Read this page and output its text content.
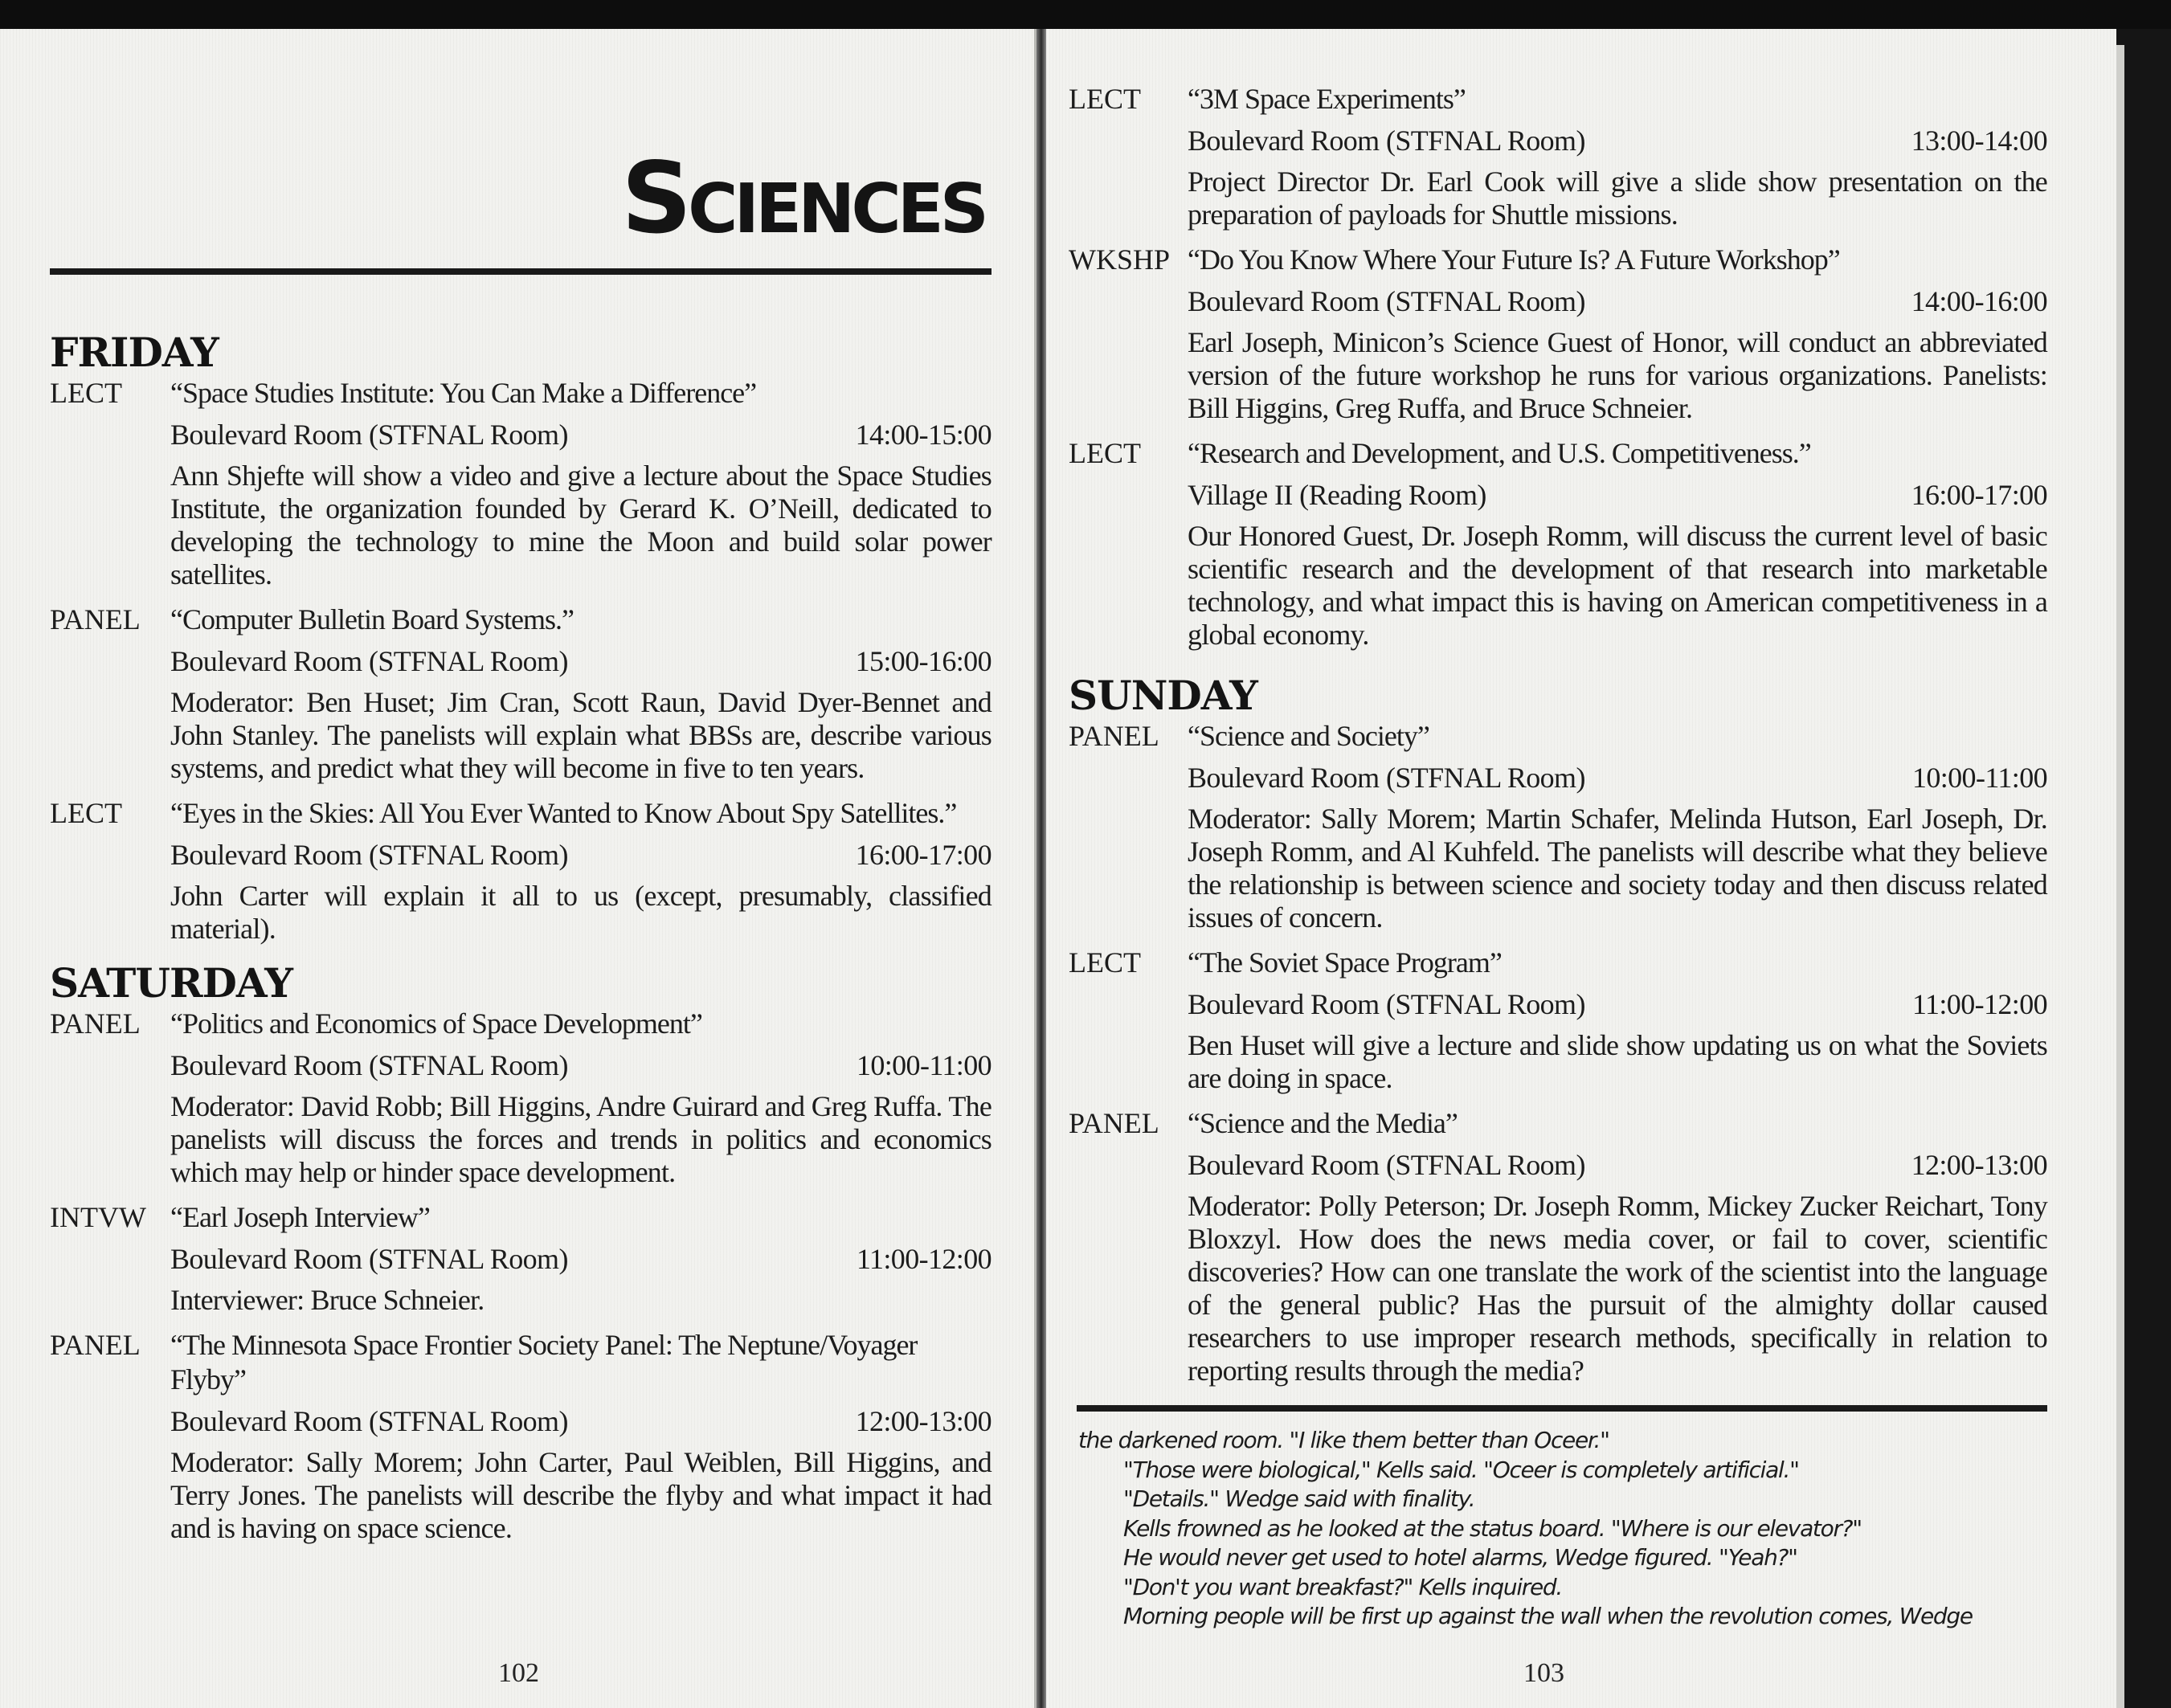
Sciences
FRIDAY
LECT	“Space Studies Institute: You Can Make a Difference”
Boulevard Room (STFNAL Room)	14:00-15:00
Ann Shjefte will show a video and give a lecture about the Space Studies Institute, the organization founded by Gerard K. O’Neill, dedicated to developing the technology to mine the Moon and build solar power satellites.
PANEL	“Computer Bulletin Board Systems.”
Boulevard Room (STFNAL Room)	15:00-16:00
Moderator: Ben Huset; Jim Cran, Scott Raun, David Dyer-Bennet and John Stanley. The panelists will explain what BBSs are, describe various systems, and predict what they will become in five to ten years.
LECT	“Eyes in the Skies: All You Ever Wanted to Know About Spy Satellites.”
Boulevard Room (STFNAL Room)	16:00-17:00
John Carter will explain it all to us (except, presumably, classified material).
SATURDAY
PANEL	“Politics and Economics of Space Development”
Boulevard Room (STFNAL Room)	10:00-11:00
Moderator: David Robb; Bill Higgins, Andre Guirard and Greg Ruffa. The panelists will discuss the forces and trends in politics and economics which may help or hinder space development.
INTVW “Earl Joseph Interview”
Boulevard Room (STFNAL Room)	11:00-12:00
Interviewer: Bruce Schneier.
PANEL	“The Minnesota Space Frontier Society Panel: The Neptune/Voyager Flyby”
Boulevard Room (STFNAL Room)	12:00-13:00
Moderator: Sally Morem; John Carter, Paul Weiblen, Bill Higgins, and Terry Jones. The panelists will describe the flyby and what impact it had and is having on space science.
102
LECT	“3M Space Experiments”
Boulevard Room (STFNAL Room)	13:00-14:00
Project Director Dr. Earl Cook will give a slide show presentation on the preparation of payloads for Shuttle missions.
WKSHP “Do You Know Where Your Future Is? A Future Workshop”
Boulevard Room (STFNAL Room)	14:00-16:00
Earl Joseph, Minicon’s Science Guest of Honor, will conduct an abbreviated version of the future workshop he runs for various organizations. Panelists: Bill Higgins, Greg Ruffa, and Bruce Schneier.
LECT	“Research and Development, and U.S. Competitiveness.”
Village II (Reading Room)	16:00-17:00
Our Honored Guest, Dr. Joseph Romm, will discuss the current level of basic scientific research and the development of that research into marketable technology, and what impact this is having on American competitiveness in a global economy.
SUNDAY
PANEL “Science and Society”
Boulevard Room (STFNAL Room)	10:00-11:00
Moderator: Sally Morem; Martin Schafer, Melinda Hutson, Earl Joseph, Dr. Joseph Romm, and Al Kuhfeld. The panelists will describe what they believe the relationship is between science and society today and then discuss related issues of concern.
LECT	“The Soviet Space Program”
Boulevard Room (STFNAL Room)	11:00-12:00
Ben Huset will give a lecture and slide show updating us on what the Soviets are doing in space.
PANEL “Science and the Media”
Boulevard Room (STFNAL Room)	12:00-13:00
Moderator: Polly Peterson; Dr. Joseph Romm, Mickey Zucker Reichart, Tony Bloxzyl. How does the news media cover, or fail to cover, scientific discoveries? How can one translate the work of the scientist into the language of the general public? Has the pursuit of the almighty dollar caused researchers to use improper research methods, specifically in relation to reporting results through the media?
the darkened room. "I like them better than Oceer."
"Those were biological," Kells said. "Oceer is completely artificial."
"Details." Wedge said with finality.
Kells frowned as he looked at the status board. "Where is our elevator?"
He would never get used to hotel alarms, Wedge figured. "Yeah?"
"Don't you want breakfast?" Kells inquired.
Morning people will be first up against the wall when the revolution comes, Wedge
103
